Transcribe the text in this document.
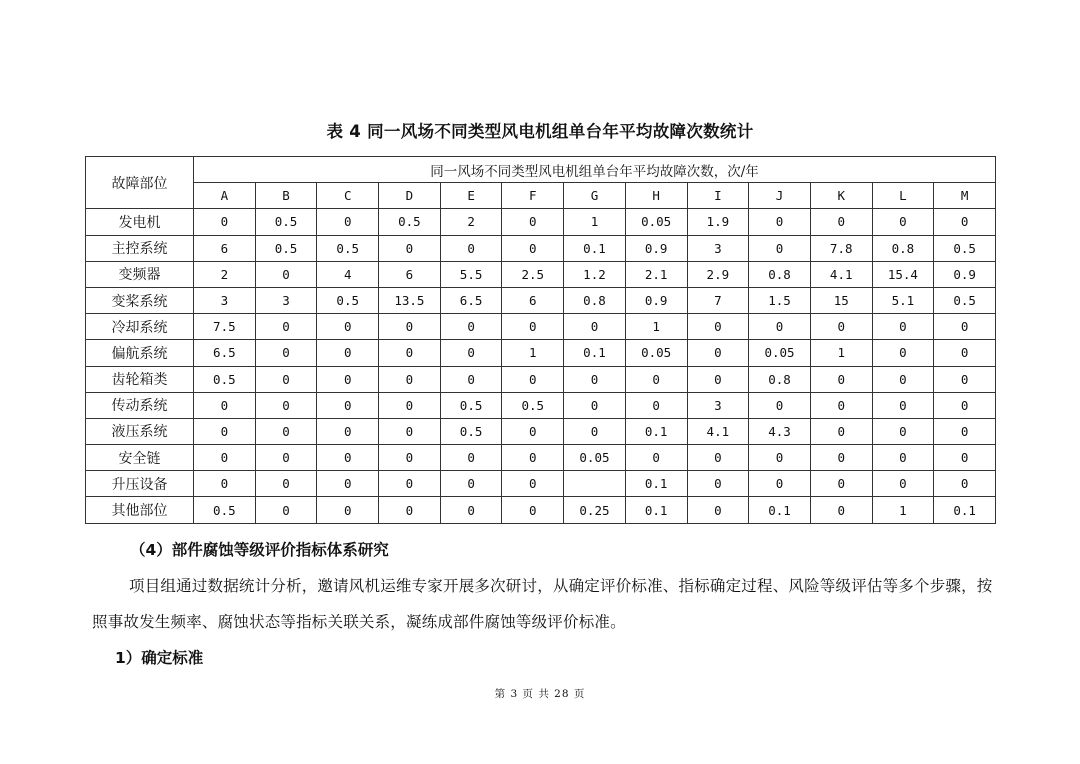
表 4 同一风场不同类型风电机组单台年平均故障次数统计
故障部位	同一风场不同类型风电机组单台年平均故障次数，次/年												
	A	B	C	D	E	F	G	H	I	J	K	L	M
发电机	0	0.5	0	0.5	2	0	1	0.05	1.9	0	0	0	0
主控系统	6	0.5	0.5	0	0	0	0.1	0.9	3	0	7.8	0.8	0.5
变频器	2	0	4	6	5.5	2.5	1.2	2.1	2.9	0.8	4.1	15.4	0.9
变桨系统	3	3	0.5	13.5	6.5	6	0.8	0.9	7	1.5	15	5.1	0.5
冷却系统	7.5	0	0	0	0	0	0	1	0	0	0	0	0
偏航系统	6.5	0	0	0	0	1	0.1	0.05	0	0.05	1	0	0
齿轮箱类	0.5	0	0	0	0	0	0	0	0	0.8	0	0	0
传动系统	0	0	0	0	0.5	0.5	0	0	3	0	0	0	0
液压系统	0	0	0	0	0.5	0	0	0.1	4.1	4.3	0	0	0
安全链	0	0	0	0	0	0	0.05	0	0	0	0	0	0
升压设备	0	0	0	0	0	0		0.1	0	0	0	0	0
其他部位	0.5	0	0	0	0	0	0.25	0.1	0	0.1	0	1	0.1
（4）部件腐蚀等级评价指标体系研究
项目组通过数据统计分析，邀请风机运维专家开展多次研讨，从确定评价标准、指标确定过程、风险等级评估等多个步骤，按照事故发生频率、腐蚀状态等指标关联关系，凝练成部件腐蚀等级评价标准。
1）确定标准
第 3 页 共 28 页
